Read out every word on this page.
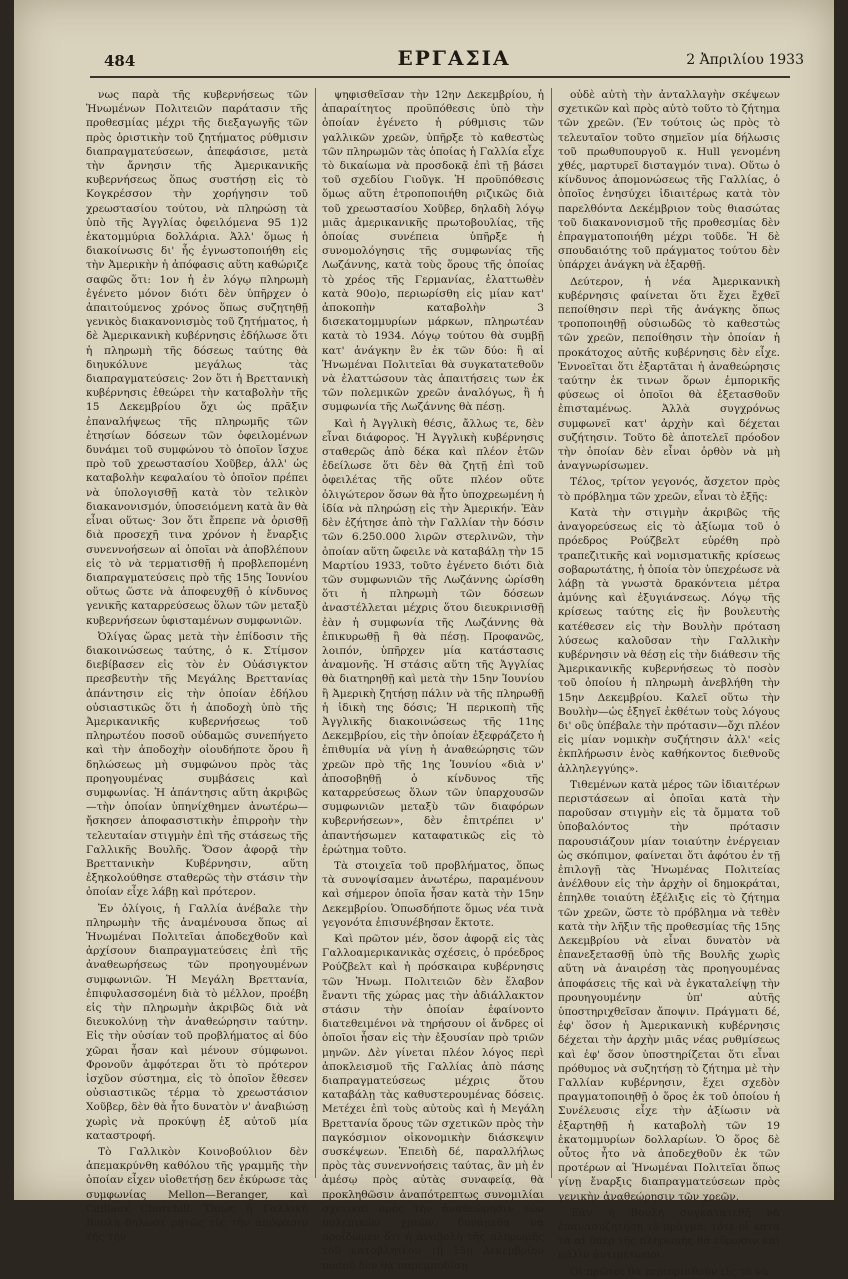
484	ΕΡΓΑΣΙΑ	2 Ἀπριλίου 1933

νως παρὰ τῆς κυβερνήσεως τῶν Ἡνωμένων Πολιτειῶν παράτασιν τῆς προθεσμίας μέχρι τῆς διεξαγωγῆς τῶν πρὸς ὁριστικὴν τοῦ ζητήματος ρύθμισιν διαπραγματεύσεων, ἀπεφάσισε, μετὰ τὴν ἄρνησιν τῆς Ἀμερικανικῆς κυβερνήσεως ὅπως συστήσῃ εἰς τὸ Κογκρέσσον τὴν χορήγησιν τοῦ χρεωστασίου τούτου, νὰ πληρώσῃ τὰ ὑπὸ τῆς Ἀγγλίας ὀφειλόμενα 95 1)2 ἑκατομμύρια δολλάρια. Ἀλλ' ὅμως ἡ διακοίνωσις δι' ἧς ἐγνωστοποιήθη εἰς τὴν Ἀμερικὴν ἡ ἀπόφασις αὕτη καθώριζε σαφῶς ὅτι: 1ον ἡ ἐν λόγῳ πληρωμὴ ἐγένετο μόνον διότι δὲν ὑπῆρχεν ὁ ἀπαιτούμενος χρόνος ὅπως συζητηθῇ γενικὸς διακανονισμὸς τοῦ ζητήματος, ἡ δὲ Ἀμερικανικὴ κυβέρνησις ἐδήλωσε ὅτι ἡ πληρωμὴ τῆς δόσεως ταύτης θὰ διηυκόλυνε μεγάλως τὰς διαπραγματεύσεις· 2ον ὅτι ἡ Βρεττανικὴ κυβέρνησις ἐθεώρει τὴν καταβολὴν τῆς 15 Δεκεμβρίου ὄχι ὡς πρᾶξιν ἐπαναλήψεως τῆς πληρωμῆς τῶν ἐτησίων δόσεων τῶν ὀφειλομένων δυνάμει τοῦ συμφώνου τὸ ὁποῖον ἴσχυε πρὸ τοῦ χρεωστασίου Χοῦβερ, ἀλλ' ὡς καταβολὴν κεφαλαίου τὸ ὁποῖον πρέπει νὰ ὑπολογισθῇ κατὰ τὸν τελικὸν διακανονισμόν, ὑποσειόμενη κατὰ ἂν θὰ εἶναι οὕτως· 3ον ὅτι ἔπρεπε νὰ ὁρισθῇ διὰ προσεχῆ τινα χρόνον ἡ ἔναρξις συνεννοήσεων αἱ ὁποῖαι νὰ ἀποβλέπουν εἰς τὸ νὰ τερματισθῇ ἡ προβλεπομένη διαπραγματεύσεις πρὸ τῆς 15ης Ἰουνίου οὕτως ὥστε νὰ ἀποφευχθῇ ὁ κίνδυνος γενικῆς καταρρεύσεως ὅλων τῶν μεταξὺ κυβερνήσεων ὑφισταμένων συμφωνιῶν.

Ὀλίγας ὥρας μετὰ τὴν ἐπίδοσιν τῆς διακοινώσεως ταύτης, ὁ κ. Στίμσον διεβίβασεν εἰς τὸν ἐν Οὐάσιγκτον πρεσβευτὴν τῆς Μεγάλης Βρεττανίας ἀπάντησιν εἰς τὴν ὁποίαν ἐδήλου οὐσιαστικῶς ὅτι ἡ ἀποδοχὴ ὑπὸ τῆς Ἀμερικανικῆς κυβερνήσεως τοῦ πληρωτέου ποσοῦ οὐδαμῶς συνεπήγετο καὶ τὴν ἀποδοχὴν οἱουδήποτε ὅρου ἢ δηλώσεως μὴ συμφώνου πρὸς τὰς προηγουμένας συμβάσεις καὶ συμφωνίας. Ἡ ἀπάντησις αὕτη ἀκριβῶς —τὴν ὁποίαν ὑπηνίχθημεν ἀνωτέρω— ἤσκησεν ἀποφασιστικὴν ἐπιρροὴν τὴν τελευταίαν στιγμὴν ἐπὶ τῆς στάσεως τῆς Γαλλικῆς Βουλῆς. Ὅσον ἀφορᾷ τὴν Βρεττανικὴν Κυβέρνησιν, αὕτη ἐξηκολούθησε σταθερῶς τὴν στάσιν τὴν ὁποίαν εἶχε λάβῃ καὶ πρότερον.

Ἐν ὀλίγοις, ἡ Γαλλία ἀνέβαλε τὴν πληρωμὴν τῆς ἀναμένουσα ὅπως αἱ Ἡνωμέναι Πολιτεῖαι ἀποδεχθοῦν καὶ ἀρχίσουν διαπραγματεύσεις ἐπὶ τῆς ἀναθεωρήσεως τῶν προηγουμένων συμφωνιῶν. Ἡ Μεγάλη Βρεττανία, ἐπιφυλασσομένη διὰ τὸ μέλλον, προέβη εἰς τὴν πληρωμὴν ἀκριβῶς διὰ νὰ διευκολύνῃ τὴν ἀναθεώρησιν ταύτην. Εἰς τὴν οὐσίαν τοῦ προβλήματος αἱ δύο χῶραι ἦσαν καὶ μένουν σύμφωνοι. Φρονοῦν ἀμφότεραι ὅτι τὸ πρότερον ἰσχῦον σύστημα, εἰς τὸ ὁποῖον ἔθεσεν οὐσιαστικῶς τέρμα τὸ χρεωστάσιον Χοῦβερ, δὲν θὰ ἦτο δυνατὸν ν' ἀναβιώσῃ χωρὶς νὰ προκύψῃ ἐξ αὐτοῦ μία καταστροφή.

Τὸ Γαλλικὸν Κοινοβούλιον δὲν ἀπεμακρύνθη καθόλου τῆς γραμμῆς τὴν ὁποίαν εἶχεν υἱοθετήσῃ δεν ἐκύρωσε τὰς συμφωνίας Mellon—Beranger, καὶ Caillaux Churchill. Ὅπως ἡ Γαλλικὴ Βουλὴ δηλωσε ρητῶς εἰς τὴν ἀπόφασιν τῆς τὴν

ψηφισθεῖσαν τὴν 12ην Δεκεμβρίου, ἡ ἀπαραίτητος προϋπόθεσις ὑπὸ τὴν ὁποίαν ἐγένετο ἡ ρύθμισις τῶν γαλλικῶν χρεῶν, ὑπῆρξε τὸ καθεστὼς τῶν πληρωμῶν τὰς ὁποίας ἡ Γαλλία εἶχε τὸ δικαίωμα νὰ προσδοκᾷ ἐπὶ τῇ βάσει τοῦ σχεδίου Γιοῦγκ. Ἡ προϋπόθεσις ὅμως αὕτη ἐτροποποιήθη ριζικῶς διὰ τοῦ χρεωστασίου Χοῦβερ, δηλαδὴ λόγῳ μιᾶς ἀμερικανικῆς πρωτοβουλίας, τῆς ὁποίας συνέπεια ὑπῆρξε ἡ συνομολόγησις τῆς συμφωνίας τῆς Λωζάννης, κατὰ τοὺς ὅρους τῆς ὁποίας τὸ χρέος τῆς Γερμανίας, ἐλαττωθὲν κατὰ 90ο)ο, περιωρίσθη εἰς μίαν κατ' ἀποκοπὴν καταβολὴν 3 δισεκατομμυρίων μάρκων, πληρωτέαν κατὰ τὸ 1934. Λόγῳ τούτου θὰ συμβῇ κατ' ἀνάγκην ἓν ἐκ τῶν δύο: ἢ αἱ Ἡνωμέναι Πολιτεῖαι θὰ συγκατατεθοῦν νὰ ἐλαττώσουν τὰς ἀπαιτήσεις των ἐκ τῶν πολεμικῶν χρεῶν ἀναλόγως, ἢ ἡ συμφωνία τῆς Λωζάννης θὰ πέσῃ.

Καὶ ἡ Ἀγγλικὴ θέσις, ἄλλως τε, δὲν εἶναι διάφορος. Ἡ Ἀγγλικὴ κυβέρνησις σταθερῶς ἀπὸ δέκα καὶ πλέον ἐτῶν ἐδείλωσε ὅτι δὲν θὰ ζητῇ ἐπὶ τοῦ ὀφειλέτας τῆς οὔτε πλέον οὔτε ὀλιγώτερον ὅσων θὰ ἦτο ὑποχρεωμένη ἡ ἰδία νὰ πληρώσῃ εἰς τὴν Ἀμερικήν. Ἐὰν δὲν ἐζήτησε ἀπὸ τὴν Γαλλίαν τὴν δόσιν τῶν 6.250.000 λιρῶν στερλινῶν, τὴν ὁποίαν αὕτη ὤφειλε νὰ καταβάλῃ τὴν 15 Μαρτίου 1933, τοῦτο ἐγένετο διότι διὰ τῶν συμφωνιῶν τῆς Λωζάννης ὡρίσθη ὅτι ἡ πληρωμὴ τῶν δόσεων ἀναστέλλεται μέχρις ὅτου διευκρινισθῇ ἐὰν ἡ συμφωνία τῆς Λωζάννης θὰ ἐπικυρωθῇ ἢ θὰ πέσῃ. Προφανῶς, λοιπόν, ὑπῆρχεν μία κατάστασις ἀναμονῆς. Ἡ στάσις αὕτη τῆς Ἀγγλίας θὰ διατηρηθῇ καὶ μετὰ τὴν 15ην Ἰουνίου ἢ Ἀμερικὴ ζητήσῃ πάλιν νὰ τῆς πληρωθῇ ἡ ἰδικὴ της δόσις; Ἡ περικοπὴ τῆς Ἀγγλικῆς διακοινώσεως τῆς 11ης Δεκεμβρίου, εἰς τὴν ὁποίαν ἐξεφράζετο ἡ ἐπιθυμία νὰ γίνῃ ἡ ἀναθεώρησις τῶν χρεῶν πρὸ τῆς 1ης Ἰουνίου «διὰ ν' ἀποσοβηθῇ ὁ κίνδυνος τῆς καταρρεύσεως ὅλων τῶν ὑπαρχουσῶν συμφωνιῶν μεταξὺ τῶν διαφόρων κυβερνήσεων», δὲν ἐπιτρέπει ν' ἀπαντήσωμεν καταφατικῶς εἰς τὸ ἐρώτημα τοῦτο.

Τὰ στοιχεῖα τοῦ προβλήματος, ὅπως τὰ συνοψίσαμεν ἀνωτέρω, παραμένουν καὶ σήμερον ὁποῖα ἦσαν κατὰ τὴν 15ην Δεκεμβρίου. Ὁπωσδήποτε ὅμως νέα τινὰ γεγονότα ἐπισυνέβησαν ἔκτοτε.

Καὶ πρῶτον μέν, ὅσον ἀφορᾷ εἰς τὰς Γαλλοαμερικανικὰς σχέσεις, ὁ πρόεδρος Ρούζβελτ καὶ ἡ πρόσκαιρα κυβέρνησις τῶν Ἡνωμ. Πολιτειῶν δὲν ἔλαβον ἔναντι τῆς χώρας μας τὴν ἀδιάλλακτον στάσιν τὴν ὁποίαν ἐφαίνοντο διατεθειμένοι νὰ τηρήσουν οἱ ἄνδρες οἱ ὁποῖοι ἦσαν εἰς τὴν ἐξουσίαν πρὸ τριῶν μηνῶν. Δὲν γίνεται πλέον λόγος περὶ ἀποκλεισμοῦ τῆς Γαλλίας ἀπὸ πάσης διαπραγματεύσεως μέχρις ὅτου καταβάλῃ τὰς καθυστερουμένας δόσεις. Μετέχει ἐπὶ τοὺς αὐτοὺς καὶ ἡ Μεγάλη Βρεττανία ὅρους τῶν σχετικῶν πρὸς τὴν παγκόσμιον οἰκονομικὴν διάσκεψιν συσκέψεων. Ἐπειδὴ δέ, παραλλήλως πρὸς τὰς συνεννοήσεις ταύτας, ἂν μὴ ἐν ἀμέσῳ πρὸς αὐτὰς συναφείᾳ, θὰ προκληθῶσιν ἀναπότρεπτως συνομιλίαι σχετικαὶ πρὸς τὴν ἀναθεώρησιν τῶν πολεμικῶν χρεῶν, δυνάμεθα νὰ προΐδωμεν ὅτι ἡ ἀναβολὴ τῆς πληρωμῆς τοῦ καταβλητέου τῇ 15ῃ Δεκεμβρίου ποσοῦ δὲν θὰ παρεμποδίσῃ

οὐδὲ αὐτὴ τὴν ἀνταλλαγὴν σκέψεων σχετικῶν καὶ πρὸς αὐτὸ τοῦτο τὸ ζήτημα τῶν χρεῶν. (Ἐν τούτοις ὡς πρὸς τὸ τελευταῖον τοῦτο σημεῖον μία δήλωσις τοῦ πρωθυπουργοῦ κ. Hull γενομένη χθές, μαρτυρεῖ δισταγμόν τινα). Οὕτω ὁ κίνδυνος ἀπομονώσεως τῆς Γαλλίας, ὁ ὁποῖος ἐνησύχει ἰδιαιτέρως κατὰ τὸν παρελθόντα Δεκέμβριον τοὺς θιασώτας τοῦ διακανονισμοῦ τῆς προθεσμίας δὲν ἐπραγματοποιήθη μέχρι τοῦδε. Ἡ δὲ σπουδαιότης τοῦ πράγματος τούτου δὲν ὑπάρχει ἀνάγκη νὰ ἐξαρθῇ.

Δεύτερον, ἡ νέα Ἀμερικανικὴ κυβέρνησις φαίνεται ὅτι ἔχει ἔχθεῖ πεποίθησιν περὶ τῆς ἀνάγκης ὅπως τροποποιηθῇ οὐσιωδῶς τὸ καθεστὼς τῶν χρεῶν, πεποίθησιν τὴν ὁποίαν ἡ προκάτοχος αὐτῆς κυβέρνησις δὲν εἶχε. Ἐννοεῖται ὅτι ἐξαρτᾶται ἡ ἀναθεώρησις ταύτην ἐκ τινων ὅρων ἐμπορικῆς φύσεως οἱ ὁποῖοι θὰ ἐξετασθοῦν ἐπισταμένως. Ἀλλὰ συγχρόνως συμφωνεῖ κατ' ἀρχὴν καὶ δέχεται συζήτησιν. Τοῦτο δὲ ἀποτελεῖ πρόοδον τὴν ὁποίαν δὲν εἶναι ὀρθὸν νὰ μὴ ἀναγνωρίσωμεν.

Τέλος, τρίτον γεγονός, ἄσχετον πρὸς τὸ πρόβλημα τῶν χρεῶν, εἶναι τὸ ἑξῆς:

Κατὰ τὴν στιγμὴν ἀκριβῶς τῆς ἀναγορεύσεως εἰς τὸ ἀξίωμα τοῦ ὁ πρόεδρος Ρούζβελτ εὑρέθη πρὸ τραπεζιτικῆς καὶ νομισματικῆς κρίσεως σοβαρωτάτης, ἡ ὁποία τὸν ὑπεχρέωσε νὰ λάβῃ τὰ γνωστὰ δρακόντεια μέτρα ἀμύνης καὶ ἐξυγιάνσεως. Λόγῳ τῆς κρίσεως ταύτης εἰς ἣν βουλευτὴς κατέθεσεν εἰς τὴν Βουλὴν πρόταση λύσεως καλοῦσαν τὴν Γαλλικὴν κυβέρνησιν νὰ θέσῃ εἰς τὴν διάθεσιν τῆς Ἀμερικανικῆς κυβερνήσεως τὸ ποσὸν τοῦ ὁποίου ἡ πληρωμὴ ἀνεβλήθη τὴν 15ην Δεκεμβρίου. Καλεῖ οὕτω τὴν Βουλὴν—ὡς ἐξηγεῖ ἐκθέτων τοὺς λόγους δι' οὓς ὑπέβαλε τὴν πρότασιν—ὄχι πλέον εἰς μίαν νομικὴν συζήτησιν ἀλλ' «εἰς ἐκπλήρωσιν ἑνὸς καθήκοντος διεθνοῦς ἀλληλεγγύης».

Τιθεμένων κατὰ μέρος τῶν ἰδιαιτέρων περιστάσεων αἱ ὁποῖαι κατὰ τὴν παροῦσαν στιγμὴν εἰς τὰ ὄμματα τοῦ ὑποβαλόντος τὴν πρότασιν παρουσιάζουν μίαν τοιαύτην ἐνέργειαν ὡς σκόπιμον, φαίνεται ὅτι ἀφότου ἐν τῇ ἐπιλογῇ τὰς Ἡνωμένας Πολιτείας ἀνέλθουν εἰς τὴν ἀρχὴν οἱ δημοκράται, ἐπηλθε τοιαύτη ἐξέλιξις εἰς τὸ ζήτημα τῶν χρεῶν, ὥστε τὸ πρόβλημα νὰ τεθὲν κατὰ τὴν λῆξιν τῆς προθεσμίας τῆς 15ης Δεκεμβρίου νὰ εἶναι δυνατὸν νὰ ἐπανεξετασθῇ ὑπὸ τῆς Βουλῆς χωρὶς αὕτη νὰ ἀναιρέσῃ τὰς προηγουμένας ἀποφάσεις τῆς καὶ νὰ ἐγκαταλείψῃ τὴν προυηγουμένην ὑπ' αὐτῆς ὑποστηριχθεῖσαν ἄποψιν. Πράγματι δέ, ἐφ' ὅσον ἡ Ἀμερικανικὴ κυβέρνησις δέχεται τὴν ἀρχὴν μιᾶς νέας ρυθμίσεως καὶ ἐφ' ὅσον ὑποστηρίζεται ὅτι εἶναι πρόθυμος νὰ συζητήσῃ τὸ ζήτημα μὲ τὴν Γαλλίαν κυβέρνησιν, ἔχει σχεδὸν πραγματοποιηθῇ ὁ ὅρος ἐκ τοῦ ὁποίου ἡ Συνέλευσις εἶχε τὴν ἀξίωσιν νὰ ἐξαρτηθῇ ἡ καταβολὴ τῶν 19 ἑκατομμυρίων δολλαρίων. Ὁ ὅρος δὲ οὗτος ἦτο νὰ ἀποδεχθοῦν ἐκ τῶν προτέρων αἱ Ἡνωμέναι Πολιτεῖαι ὅπως γίνῃ ἔναρξις διαπραγματεύσεων πρὸς γενικὴν ἀναθεώρησιν τῶν χρεῶν.

Ἐὰν ἡ Βουλὴ συγκατατεθῇ νὰ ἐπανασυζητήσῃ τὸ πρᾶγμα, τότε οἱ κατὰ τὰ αἱ ὑπὲρ τῆς πληρωμῆς θὰ εὕρωσιν καὶ πάλιν ἀντιμέτωποι.

Οἱ πρῶτοι θὰ περιορισθοῦν εἰς τὸ νὰ
